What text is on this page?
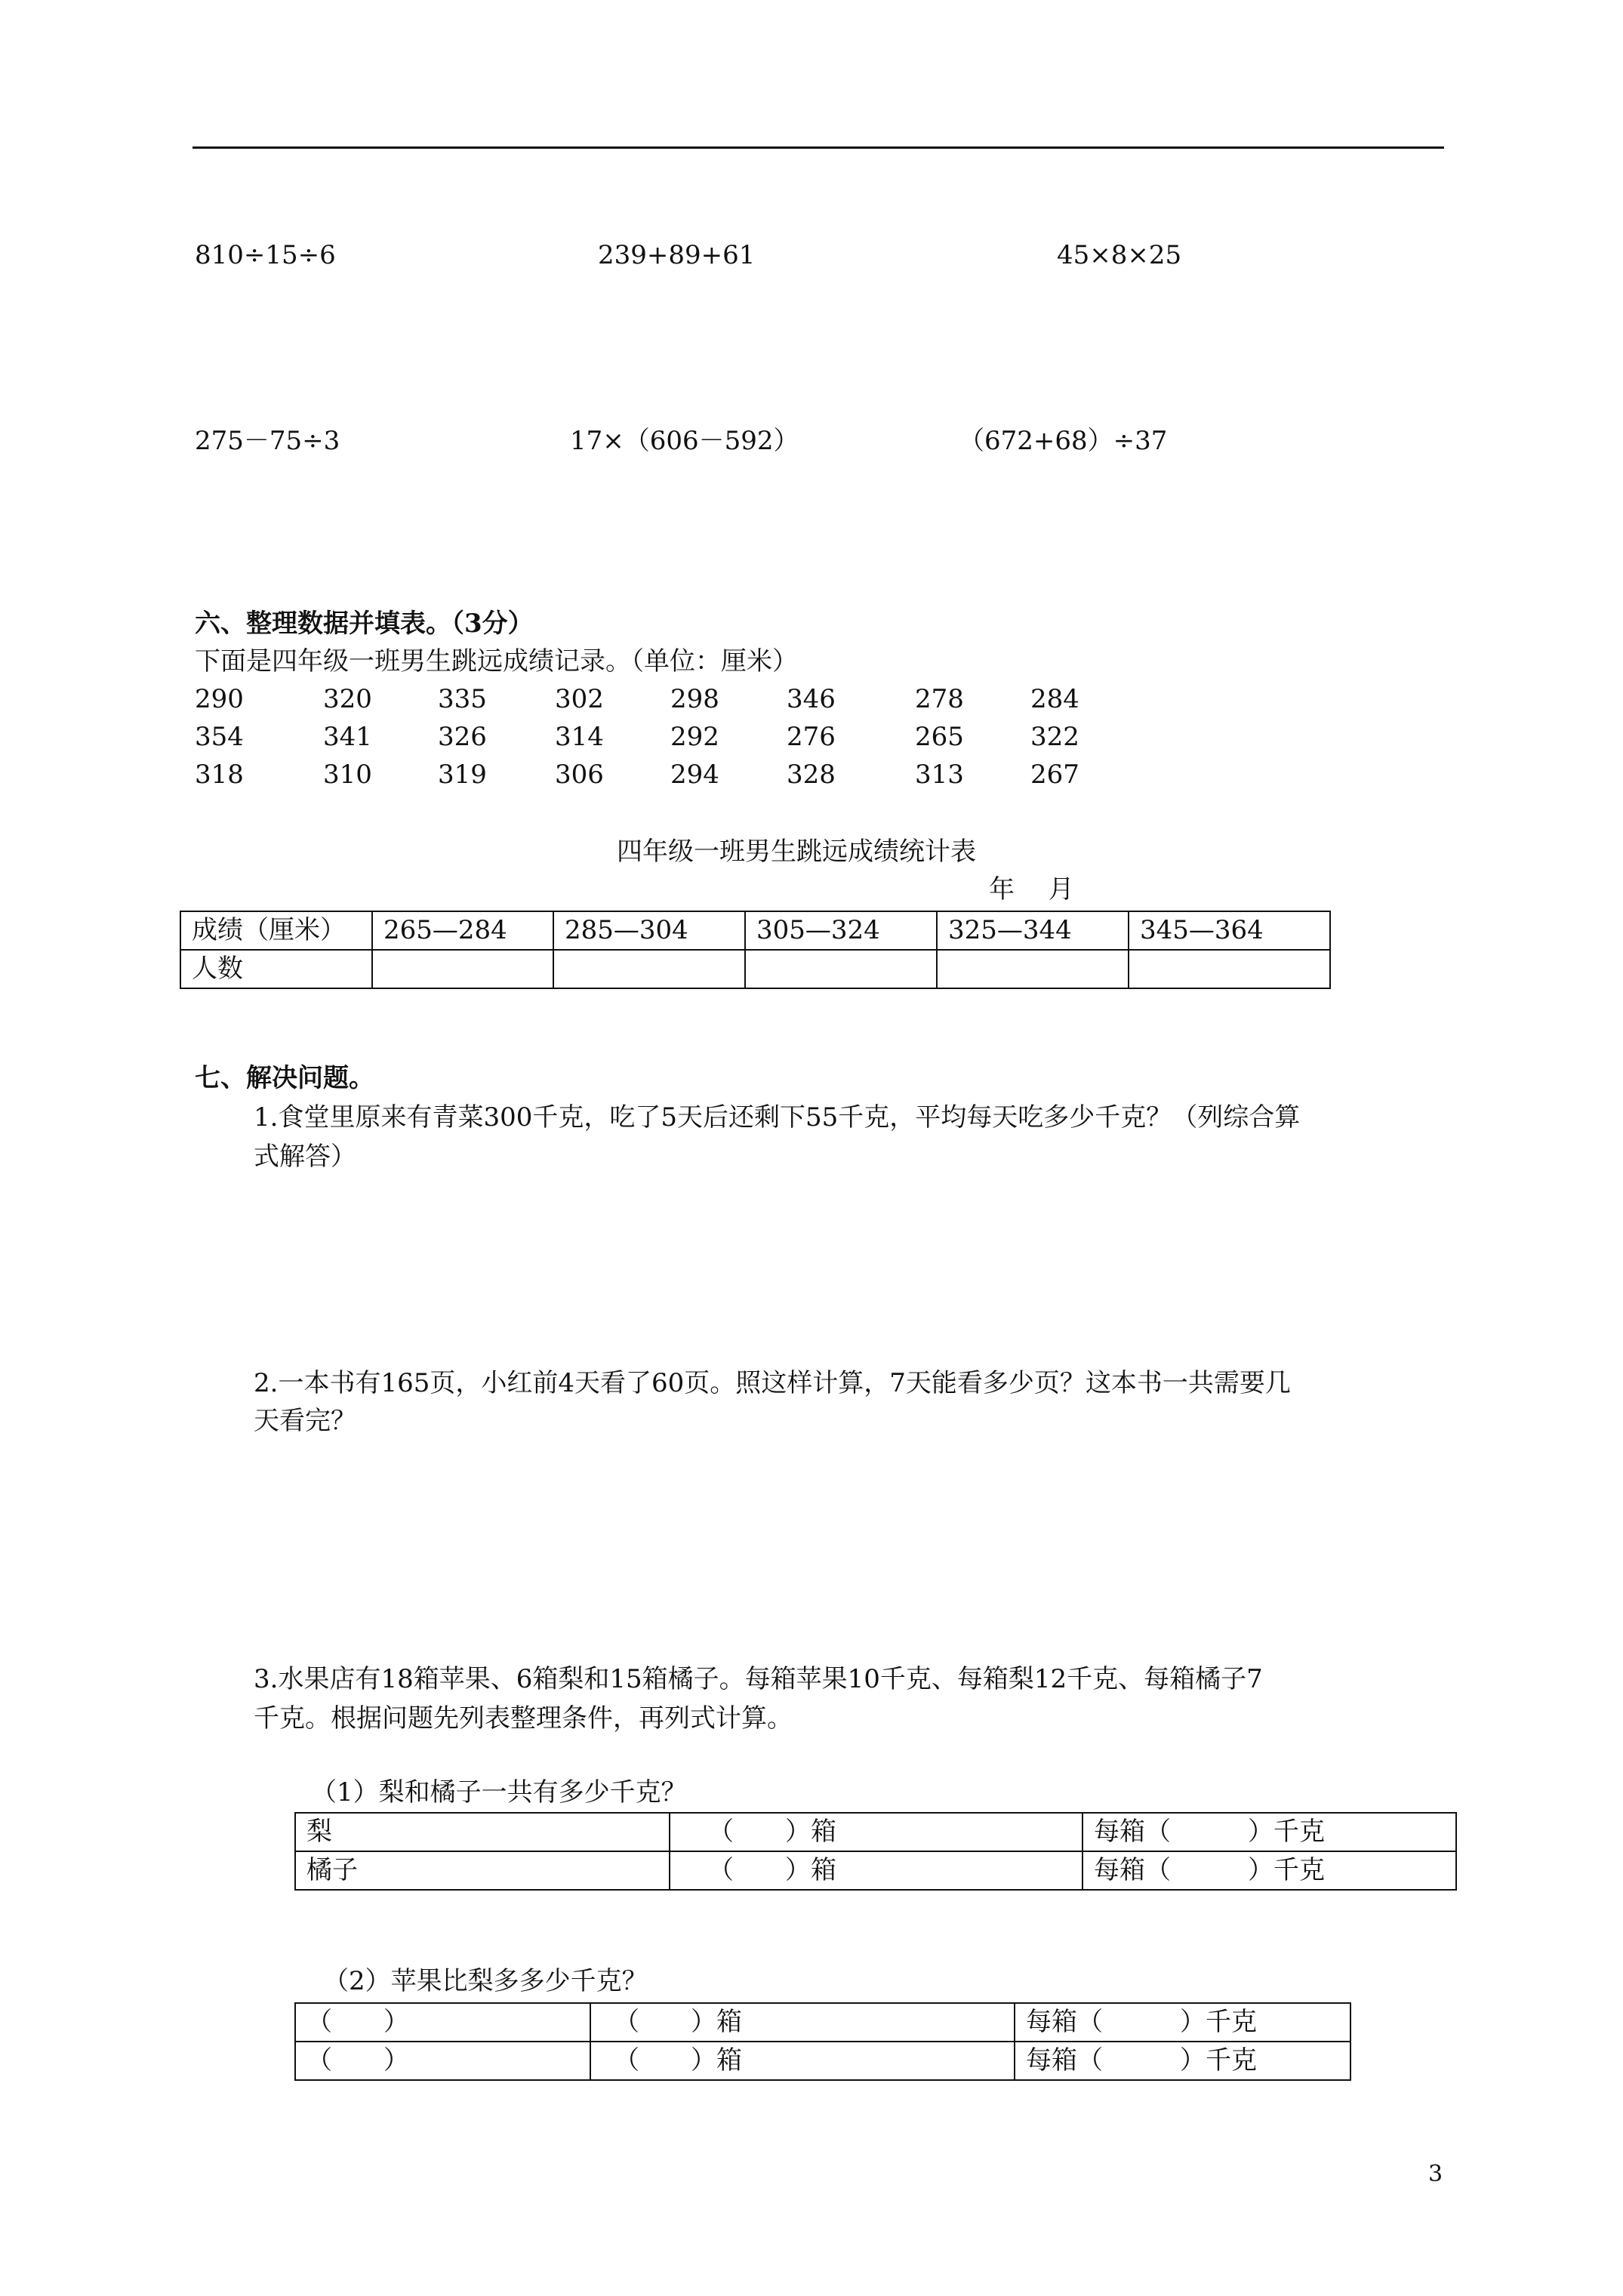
810÷15÷6	239+89+61	45×8×25
275－75÷3	17×（606－592）	（672+68）÷37
六、整理数据并填表。（3分）
下面是四年级一班男生跳远成绩记录。（单位：厘米）
290	320	335	302	298	346	278	284
354	341	326	314	292	276	265	322
318	310	319	306	294	328	313	267
四年级一班男生跳远成绩统计表
年　 月
成绩（厘米）	265—284	285—304	305—324	325—344	345—364
人数					
七、解决问题。
1.食堂里原来有青菜300千克，吃了5天后还剩下55千克，平均每天吃多少千克？（列综合算
式解答）
2.一本书有165页，小红前4天看了60页。照这样计算，7天能看多少页？这本书一共需要几
天看完？
3.水果店有18箱苹果、6箱梨和15箱橘子。每箱苹果10千克、每箱梨12千克、每箱橘子7
千克。根据问题先列表整理条件，再列式计算。
（1）梨和橘子一共有多少千克？
梨	（　　）箱	每箱（　　　）千克
橘子	（　　）箱	每箱（　　　）千克
（2）苹果比梨多多少千克？
（　　）	（　　）箱	每箱（　　　）千克
（　　）	（　　）箱	每箱（　　　）千克
3
